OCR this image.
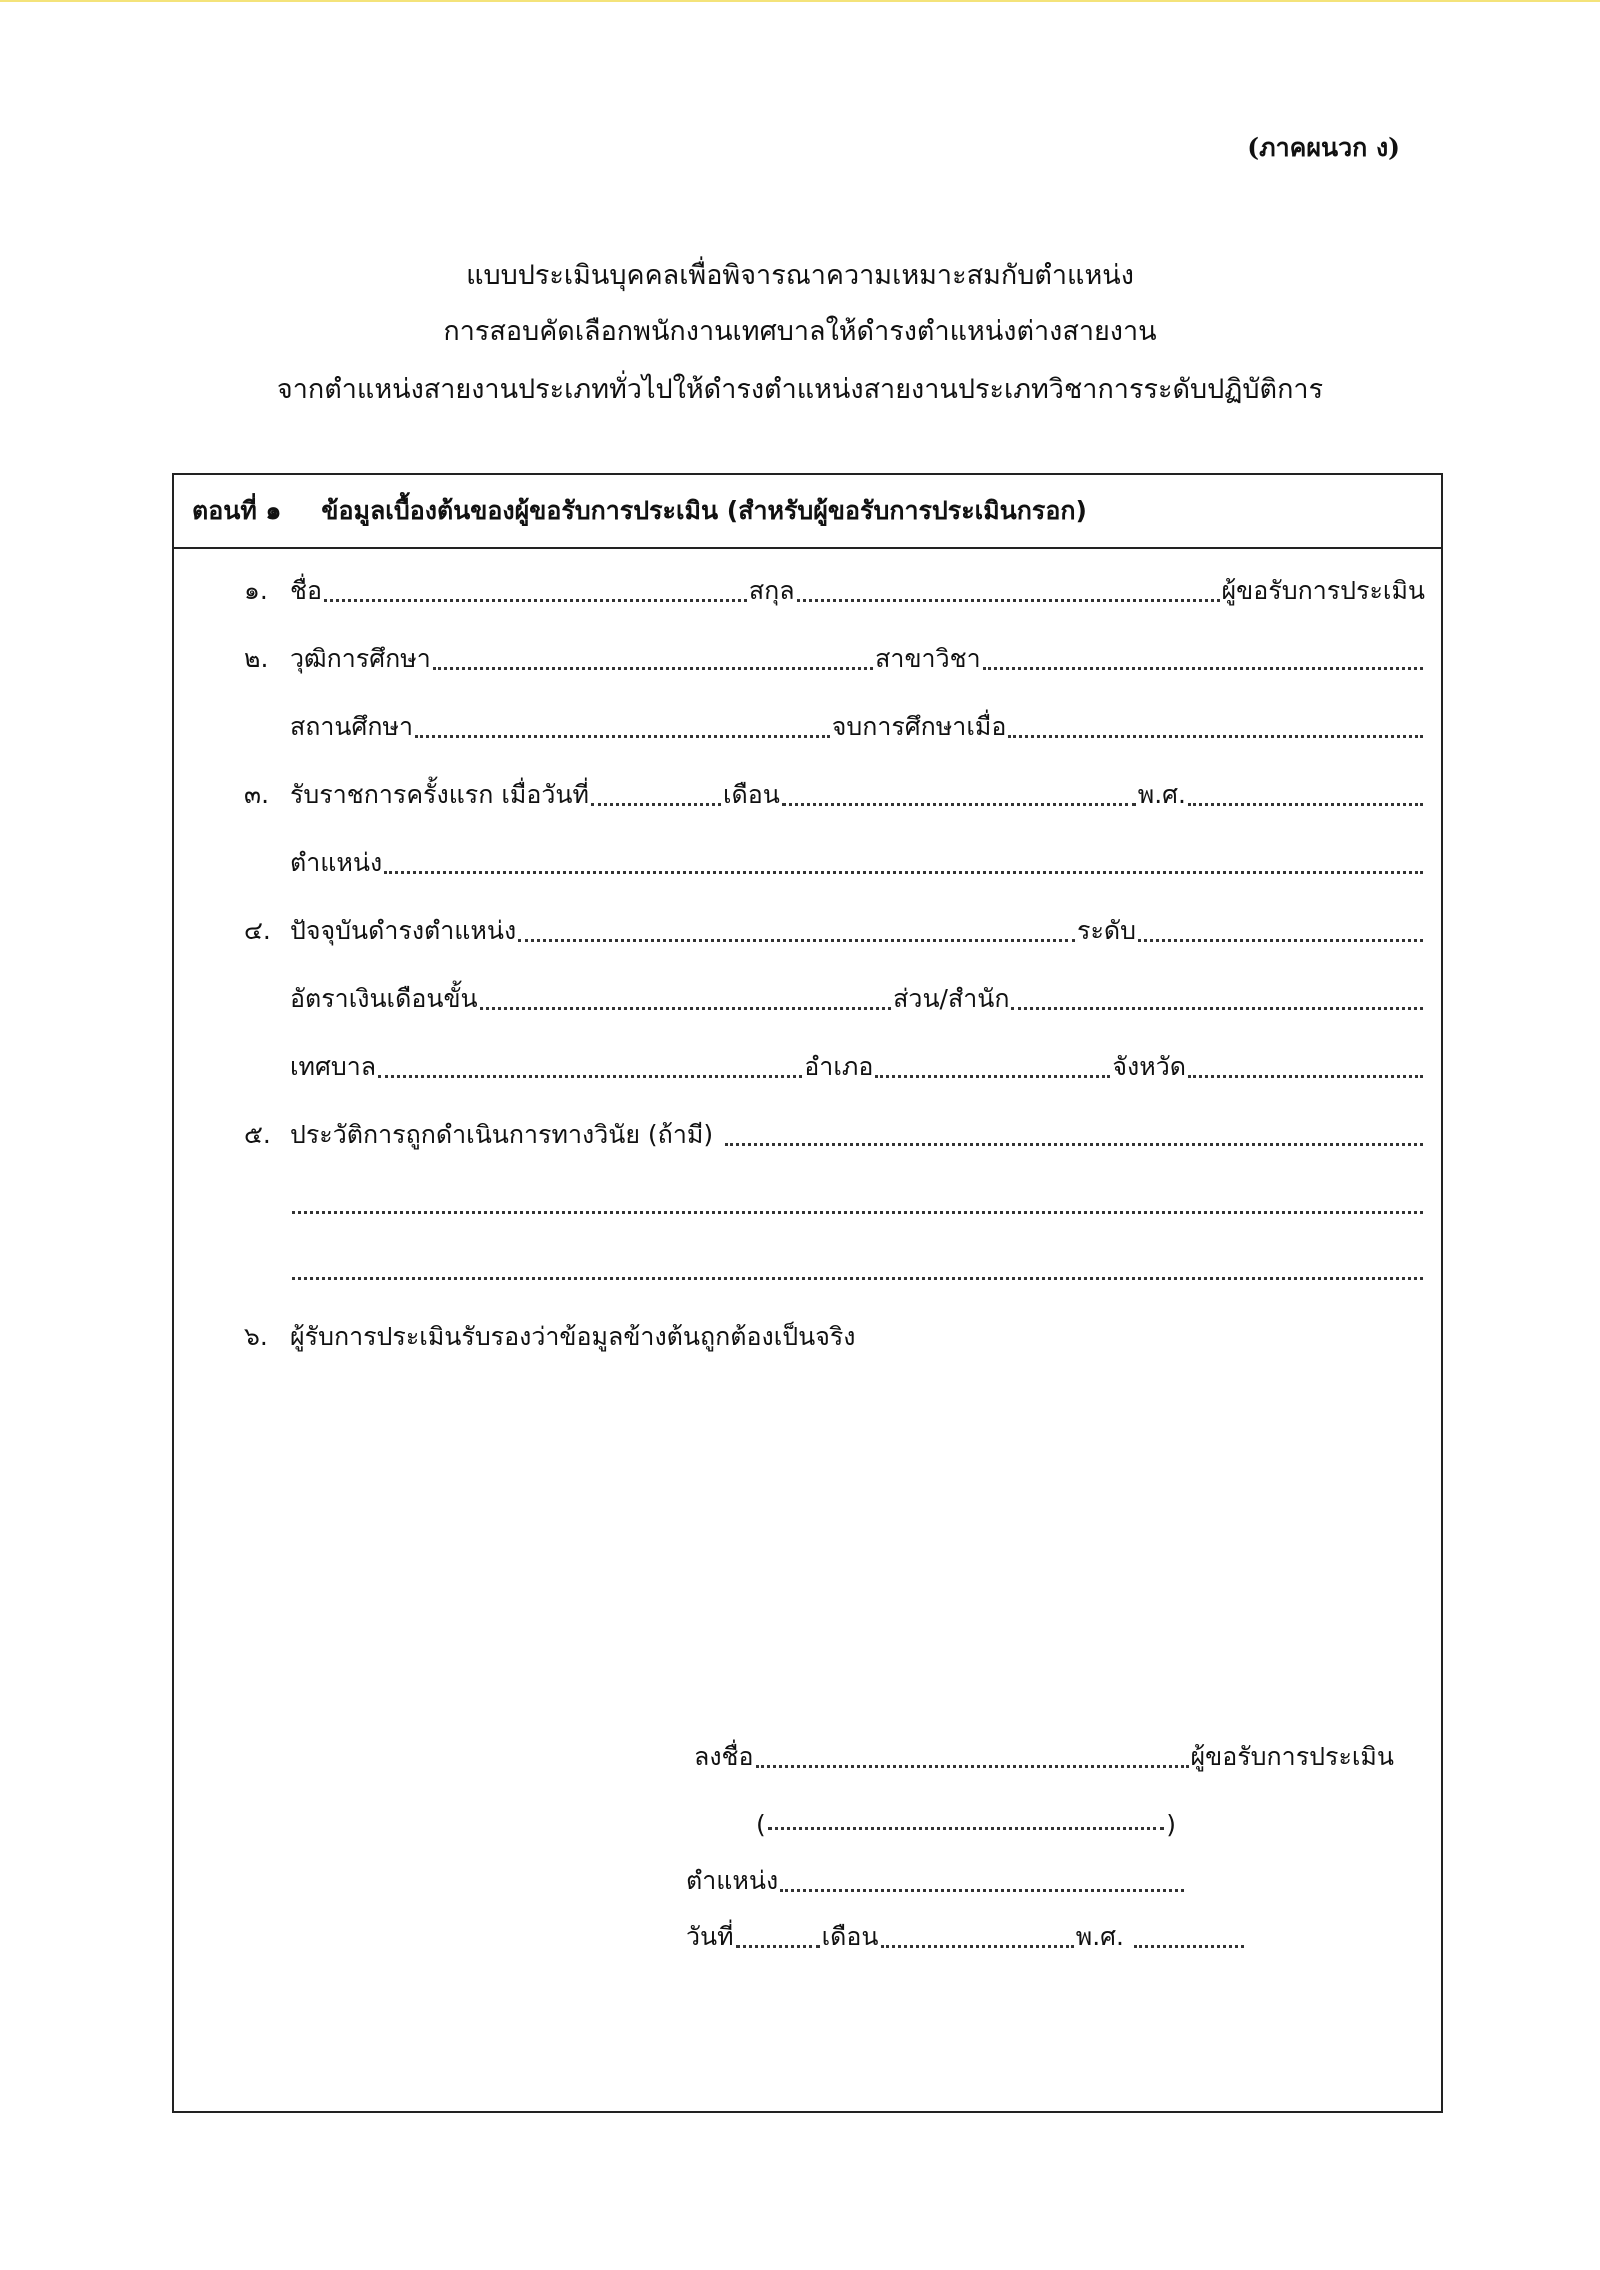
(ภาคผนวก ง)
แบบประเมินบุคคลเพื่อพิจารณาความเหมาะสมกับตำแหน่ง
การสอบคัดเลือกพนักงานเทศบาลให้ดำรงตำแหน่งต่างสายงาน
จากตำแหน่งสายงานประเภททั่วไปให้ดำรงตำแหน่งสายงานประเภทวิชาการระดับปฏิบัติการ
ตอนที่ ๑ ข้อมูลเบื้องต้นของผู้ขอรับการประเมิน (สำหรับผู้ขอรับการประเมินกรอก)
๑. ชื่อ	สกุล	ผู้ขอรับการประเมิน
๒. วุฒิการศึกษา	สาขาวิชา
สถานศึกษา	จบการศึกษาเมื่อ
๓. รับราชการครั้งแรก เมื่อวันที่	เดือน	พ.ศ.
ตำแหน่ง
๔. ปัจจุบันดำรงตำแหน่ง	ระดับ
อัตราเงินเดือนขั้น	ส่วน/สำนัก
เทศบาล	อำเภอ	จังหวัด
๕. ประวัติการถูกดำเนินการทางวินัย (ถ้ามี)
๖. ผู้รับการประเมินรับรองว่าข้อมูลข้างต้นถูกต้องเป็นจริง
ลงชื่อ	ผู้ขอรับการประเมิน
(	)
ตำแหน่ง
วันที่	เดือน	พ.ศ.
